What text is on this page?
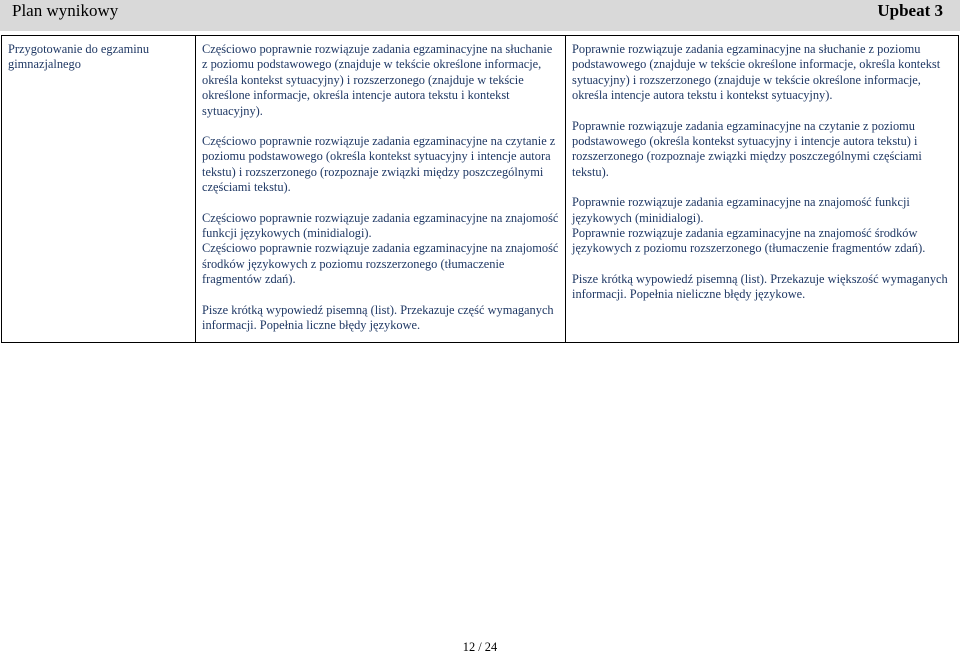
Plan wynikowy	Upbeat 3
Przygotowanie do egzaminu gimnazjalnego

Częściowo poprawnie rozwiązuje zadania egzaminacyjne na słuchanie z poziomu podstawowego (znajduje w tekście określone informacje, określa kontekst sytuacyjny) i rozszerzonego (znajduje w tekście określone informacje, określa intencje autora tekstu i kontekst sytuacyjny).
Częściowo poprawnie rozwiązuje zadania egzaminacyjne na czytanie z poziomu podstawowego (określa kontekst sytuacyjny i intencje autora tekstu) i rozszerzonego (rozpoznaje związki między poszczególnymi częściami tekstu).
Częściowo poprawnie rozwiązuje zadania egzaminacyjne na znajomość funkcji językowych (minidialogi).
Częściowo poprawnie rozwiązuje zadania egzaminacyjne na znajomość środków językowych z poziomu rozszerzonego (tłumaczenie fragmentów zdań).
Pisze krótką wypowiedź pisemną (list). Przekazuje część wymaganych informacji. Popełnia liczne błędy językowe.

Poprawnie rozwiązuje zadania egzaminacyjne na słuchanie z poziomu podstawowego (znajduje w tekście określone informacje, określa kontekst sytuacyjny) i rozszerzonego (znajduje w tekście określone informacje, określa intencje autora tekstu i kontekst sytuacyjny).
Poprawnie rozwiązuje zadania egzaminacyjne na czytanie z poziomu podstawowego (określa kontekst sytuacyjny i intencje autora tekstu) i rozszerzonego (rozpoznaje związki między poszczególnymi częściami tekstu).
Poprawnie rozwiązuje zadania egzaminacyjne na znajomość funkcji językowych (minidialogi).
Poprawnie rozwiązuje zadania egzaminacyjne na znajomość środków językowych z poziomu rozszerzonego (tłumaczenie fragmentów zdań).
Pisze krótką wypowiedź pisemną (list). Przekazuje większość wymaganych informacji. Popełnia nieliczne błędy językowe.
12 / 24
